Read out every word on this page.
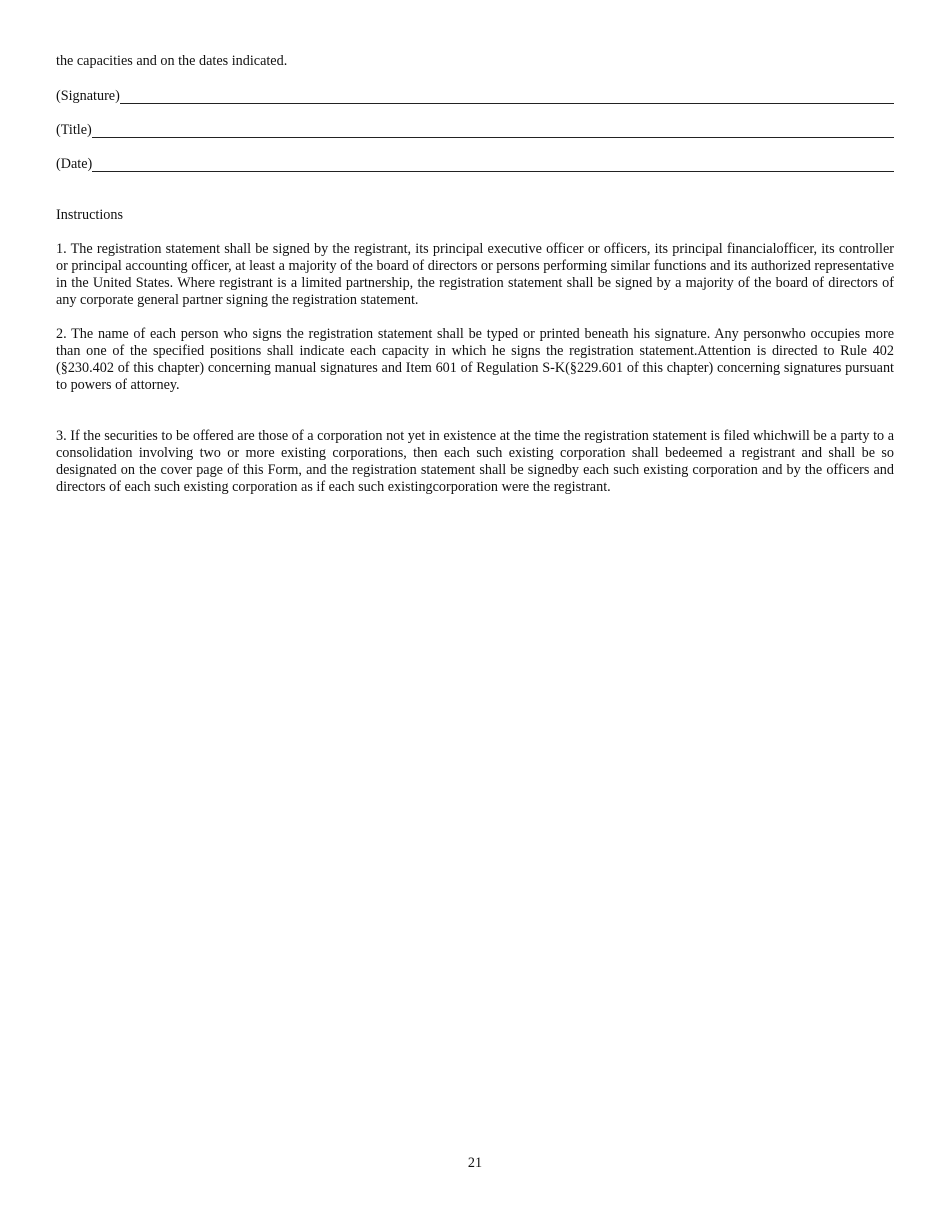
the capacities and on the dates indicated.

(Signature)
(Title)
(Date)

Instructions

1. The registration statement shall be signed by the registrant, its principal executive officer or officers, its principal financialofficer, its controller or principal accounting officer, at least a majority of the board of directors or persons performing similar functions and its authorized representative in the United States. Where registrant is a limited partnership, the registration statement shall be signed by a majority of the board of directors of any corporate general partner signing the registration statement.

2. The name of each person who signs the registration statement shall be typed or printed beneath his signature. Any personwho occupies more than one of the specified positions shall indicate each capacity in which he signs the registration statement.Attention is directed to Rule 402 (§230.402 of this chapter) concerning manual signatures and Item 601 of Regulation S-K(§229.601 of this chapter) concerning signatures pursuant to powers of attorney.

3. If the securities to be offered are those of a corporation not yet in existence at the time the registration statement is filed whichwill be a party to a consolidation involving two or more existing corporations, then each such existing corporation shall bedeemed a registrant and shall be so designated on the cover page of this Form, and the registration statement shall be signedby each such existing corporation and by the officers and directors of each such existing corporation as if each such existingcorporation were the registrant.

21
